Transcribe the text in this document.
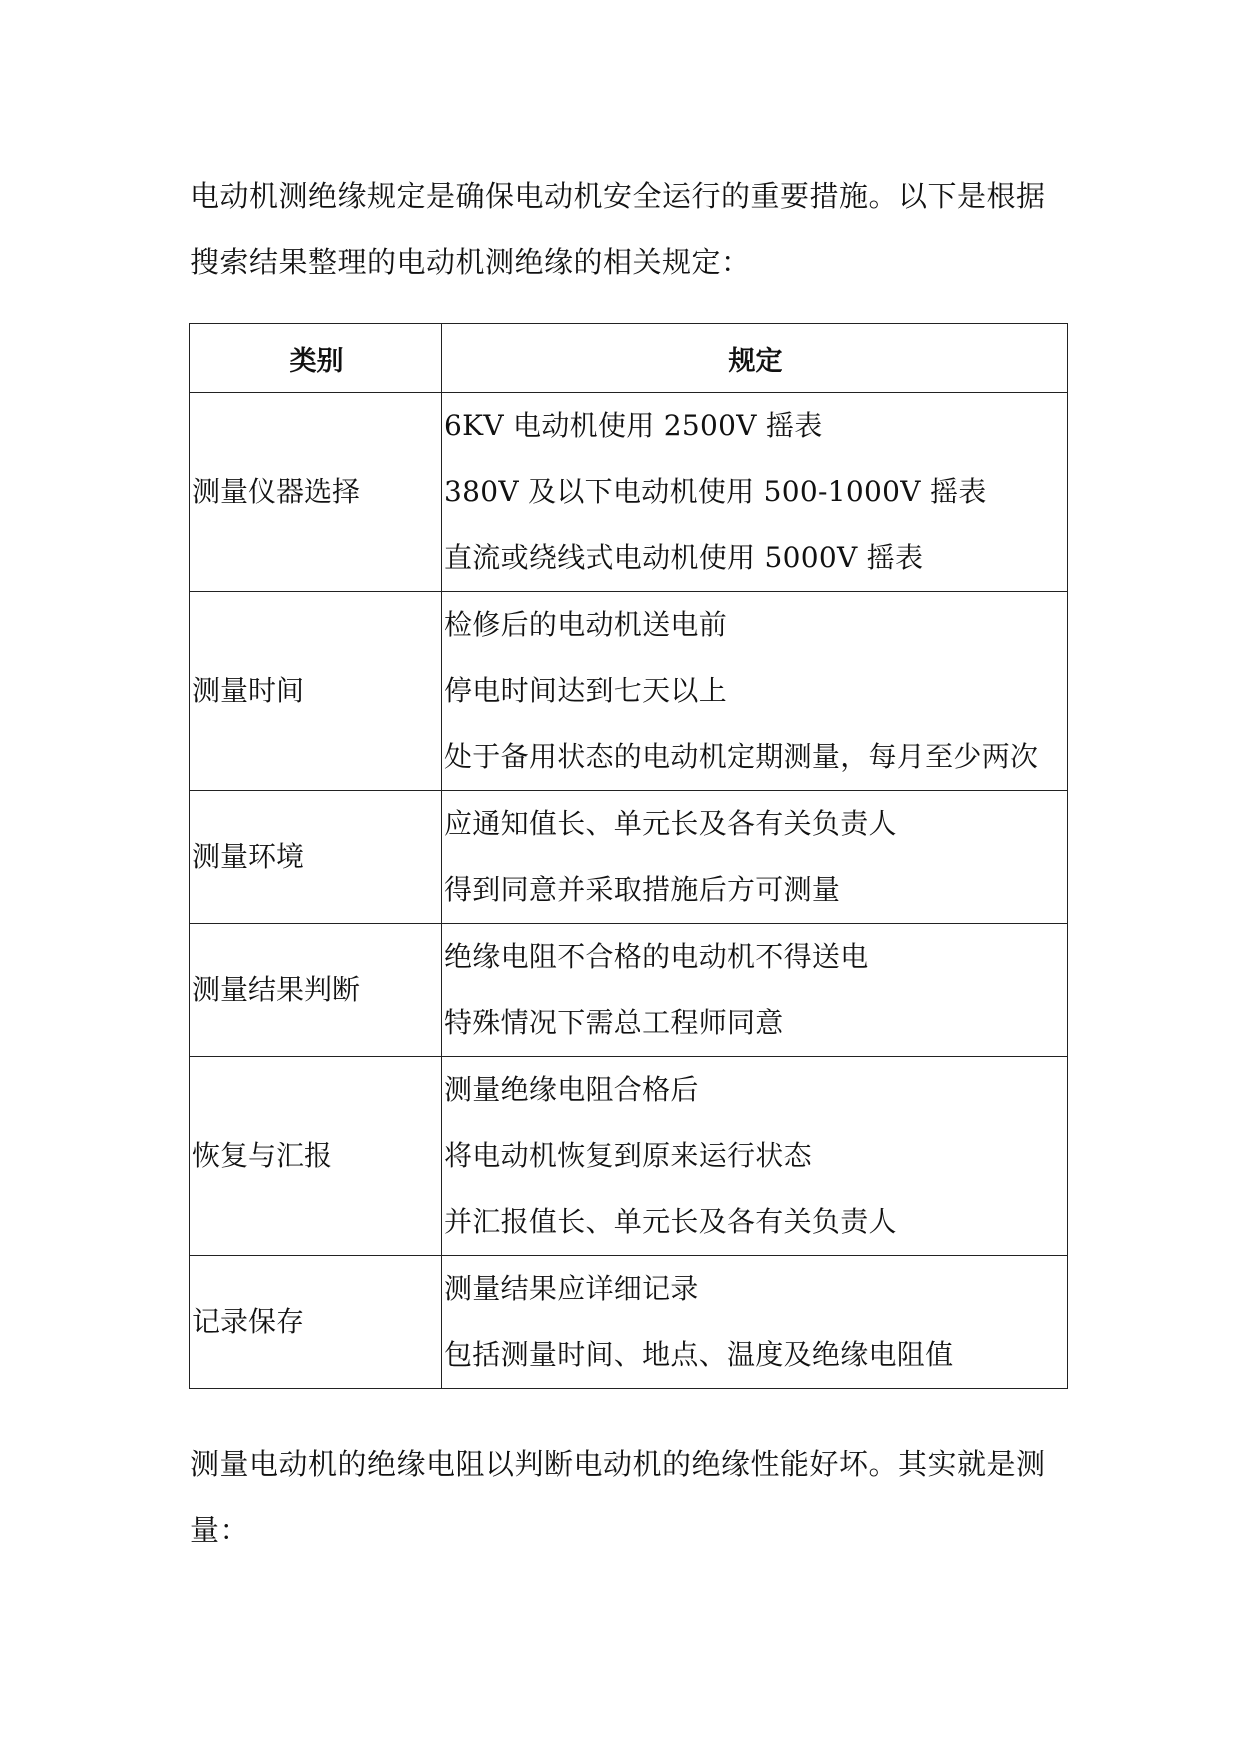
电动机测绝缘规定是确保电动机安全运行的重要措施。以下是根据搜索结果整理的电动机测绝缘的相关规定：

类别	规定

测量仪器选择	6KV 电动机使用 2500V 摇表
380V 及以下电动机使用 500-1000V 摇表
直流或绕线式电动机使用 5000V 摇表

测量时间	检修后的电动机送电前
停电时间达到七天以上
处于备用状态的电动机定期测量，每月至少两次

测量环境	应通知值长、单元长及各有关负责人
得到同意并采取措施后方可测量

测量结果判断	绝缘电阻不合格的电动机不得送电
特殊情况下需总工程师同意

恢复与汇报	测量绝缘电阻合格后
将电动机恢复到原来运行状态
并汇报值长、单元长及各有关负责人

记录保存	测量结果应详细记录
包括测量时间、地点、温度及绝缘电阻值

测量电动机的绝缘电阻以判断电动机的绝缘性能好坏。其实就是测量：
